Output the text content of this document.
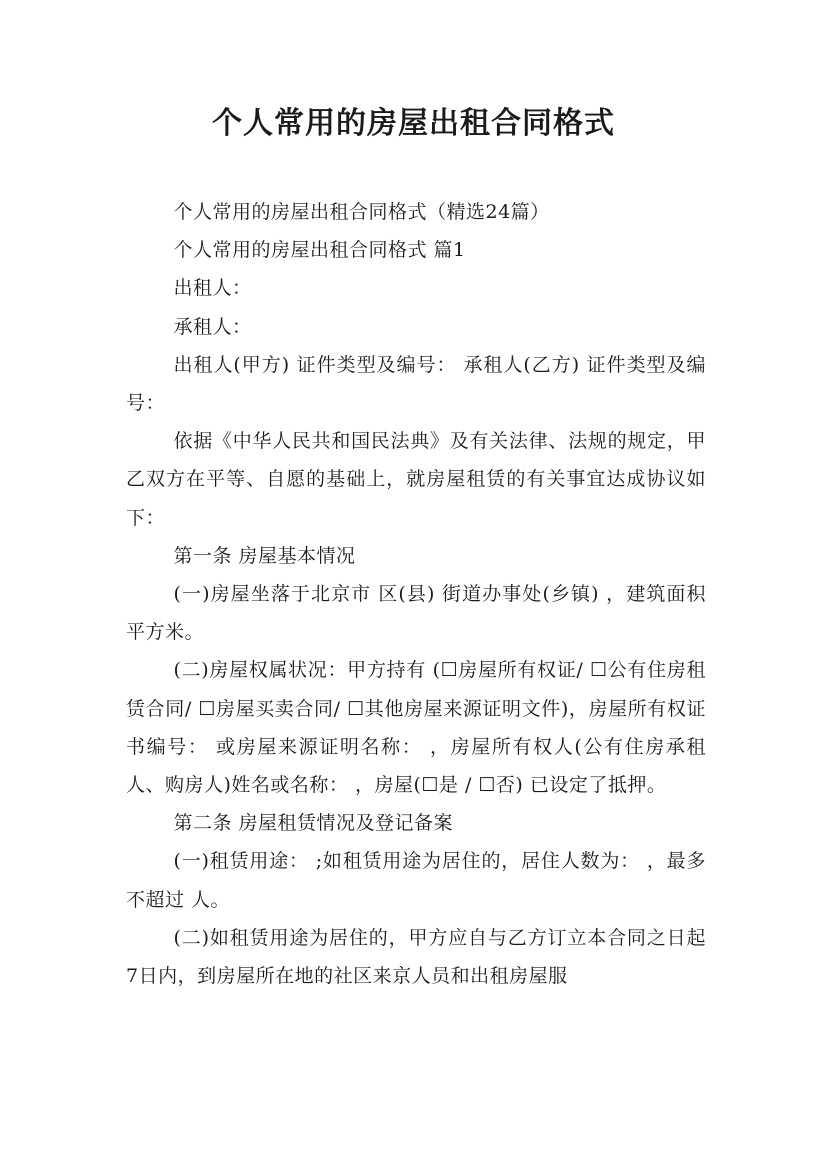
个人常用的房屋出租合同格式

个人常用的房屋出租合同格式（精选24篇）

个人常用的房屋出租合同格式 篇1

出租人：

承租人：

出租人(甲方) 证件类型及编号： 承租人(乙方) 证件类型及编号：

依据《中华人民共和国民法典》及有关法律、法规的规定，甲乙双方在平等、自愿的基础上，就房屋租赁的有关事宜达成协议如下：

第一条 房屋基本情况

(一)房屋坐落于北京市 区(县) 街道办事处(乡镇) ，建筑面积 平方米。

(二)房屋权属状况：甲方持有 (☐房屋所有权证/ ☐公有住房租赁合同/ ☐房屋买卖合同/ ☐其他房屋来源证明文件)，房屋所有权证书编号： 或房屋来源证明名称： ，房屋所有权人(公有住房承租人、购房人)姓名或名称： ，房屋(☐是 / ☐否) 已设定了抵押。

第二条 房屋租赁情况及登记备案

(一)租赁用途： ;如租赁用途为居住的，居住人数为： ，最多不超过 人。

(二)如租赁用途为居住的，甲方应自与乙方订立本合同之日起7日内，到房屋所在地的社区来京人员和出租房屋服
